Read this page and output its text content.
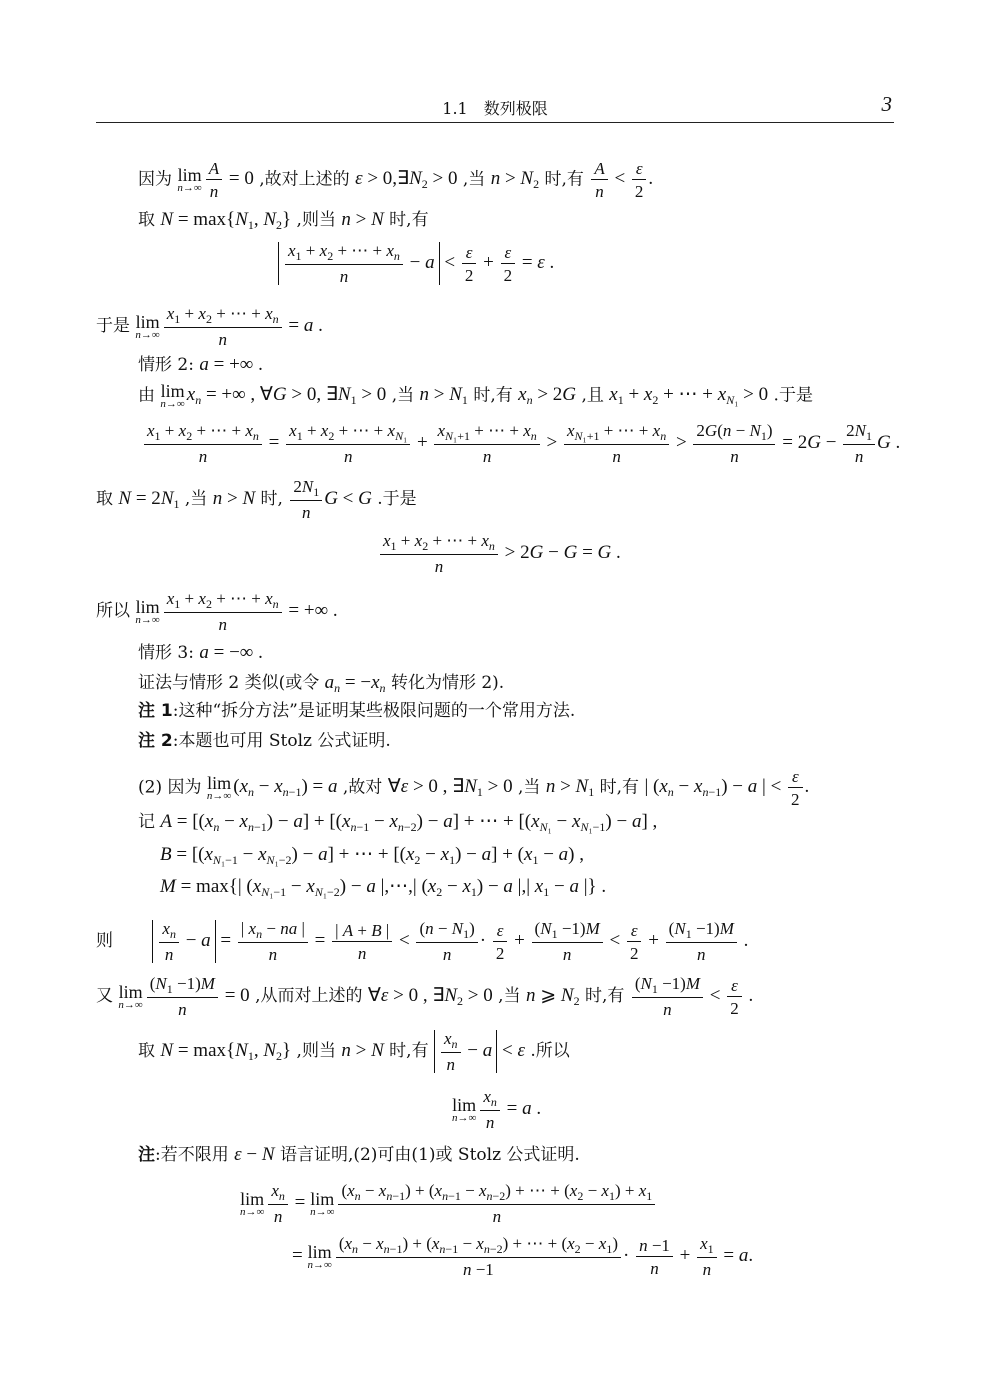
1.1　数列极限	3
因为 lim
$n\to\infty \frac{A}{n} = 0$ ,故对上述的 $\varepsilon > 0,\exists N_2 > 0$ ,当 $n > N_2$ 时,有 $\frac{A}{n} < \frac{\varepsilon}{2}$ .
取 $N = \max\{N_1$, $N_2$} ,则当 n > N 时,有
$\frac{x_1 + x_2 + \cdots + x_n}{n} - a < \frac{\varepsilon}{2} + \frac{\varepsilon}{2} = \varepsilon$ .
于是 lim
$n\to\infty \frac{x_1 + x_2 + \cdots + x_n}{n} = a$ .
情形 2: a = +∞ .
由 lim
n→∞ $x_n$ = +∞ , ∀G > 0, $\exists N_1 > 0$ ,当 $n > N_1$ 时,有 $x_n > 2G$ ,且 $x_1 + x_2$ + ⋯ + $x_{N_1} > 0$ .于是
$\frac{x_1 + x_2 + \cdots + x_n}{n} = \frac{x_1 + x_2 + \cdots + x_{N_1}}{n} + \frac{x_{N_1+1} + \cdots + x_n}{n} > \frac{x_{N_1+1} + \cdots + x_n}{n} > \frac{2G(n - N_1)}{n} = 2G - \frac{2N_1}{n}$ G .
取 $N = 2N_1$ ,当 n > N 时, $\frac{2N_1}{n}$ G < G .于是
$\frac{x_1 + x_2 + \cdots + x_n}{n} > 2G - G = G$ .
所以 lim
$n\to\infty \frac{x_1 + x_2 + \cdots + x_n}{n}$ = +∞ .
情形 3: a = −∞ .
证法与情形 2 类似(或令 $a_n = -x_n$ 转化为情形 2).
注 1:这种“拆分方法”是证明某些极限问题的一个常用方法.
注 2:本题也可用 Stolz 公式证明.
(2) 因为 lim
n→∞ $(x_n - x_{n-1}) = a$ ,故对 ∀ε > 0 , $\exists N_1 > 0$ ,当 $n > N_1$ 时,有 | $(x_n - x_{n-1}) - a$ | < $\frac{\varepsilon}{2}$ .
记 $A = [(x_n - x_{n-1}) - a] + [(x_{n-1} - x_{n-2}) - a]$ + ⋯ + $[(x_{N_1} - x_{N_1-1}) - a]$ ,
$B = [(x_{N_1-1} - x_{N_1-2}) - a]$ + ⋯ + $[(x_2 - x_1) - a] + (x_1 - a)$ ,
M = max{| $(x_{N_1-1} - x_{N_1-2}) - a$ |,⋯,| $(x_2 - x_1) - a$ |,| $x_1 - a$ |} .
则	$\frac{x_n}{n} - a = \frac{| x_n - na |}{n} = \frac{| A + B |}{n} < \frac{(n - N_1)}{n} \cdot \frac{\varepsilon}{2} + \frac{(N_1 -1)M}{n} < \frac{\varepsilon}{2} + \frac{(N_1 -1)M}{n}$ .
又 lim
$n\to\infty \frac{(N_1 -1)M}{n} = 0$ ,从而对上述的 ∀ε > 0 , $\exists N_2 > 0$ ,当 n ⩾ $N_2$ 时,有 $\frac{(N_1 -1)M}{n} < \frac{\varepsilon}{2}$ .
取 $N = \max\{N_1$, $N_2$} ,则当 n > N 时,有 $\frac{x_n}{n} - a < \varepsilon$ .所以
lim
$n\to\infty \frac{x_n}{n} = a$ .
注:若不限用 ε − N 语言证明,(2)可由(1)或 Stolz 公式证明.
lim
$n\to\infty \frac{x_n}{n} = \lim$
$n\to\infty \frac{(x_n - x_{n-1}) + (x_{n-1} - x_{n-2}) + \cdots + (x_2 - x_1) + x_1}{n}$
= lim
$n\to\infty \frac{(x_n - x_{n-1}) + (x_{n-1} - x_{n-2}) + \cdots + (x_2 - x_1)}{n -1} \cdot \frac{n -1}{n} + \frac{x_1}{n} = a$.
